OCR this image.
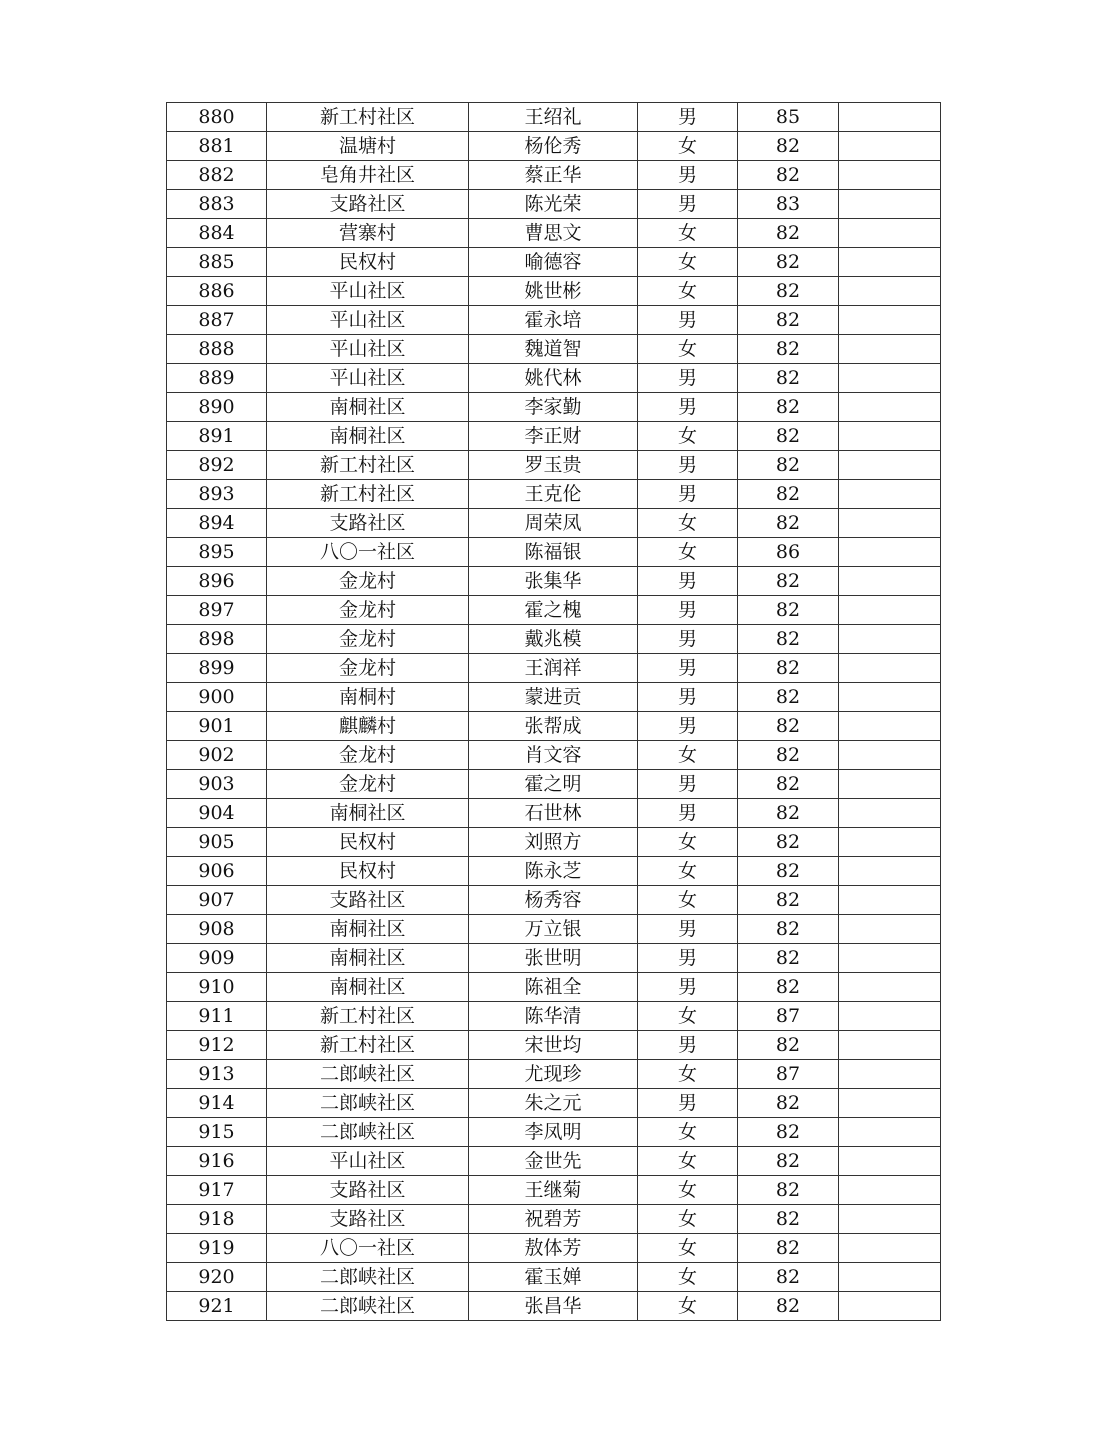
880	新工村社区	王绍礼	男	85	
881	温塘村	杨伦秀	女	82	
882	皂角井社区	蔡正华	男	82	
883	支路社区	陈光荣	男	83	
884	营寨村	曹思文	女	82	
885	民权村	喻德容	女	82	
886	平山社区	姚世彬	女	82	
887	平山社区	霍永培	男	82	
888	平山社区	魏道智	女	82	
889	平山社区	姚代林	男	82	
890	南桐社区	李家勤	男	82	
891	南桐社区	李正财	女	82	
892	新工村社区	罗玉贵	男	82	
893	新工村社区	王克伦	男	82	
894	支路社区	周荣凤	女	82	
895	八〇一社区	陈福银	女	86	
896	金龙村	张集华	男	82	
897	金龙村	霍之槐	男	82	
898	金龙村	戴兆模	男	82	
899	金龙村	王润祥	男	82	
900	南桐村	蒙进贡	男	82	
901	麒麟村	张帮成	男	82	
902	金龙村	肖文容	女	82	
903	金龙村	霍之明	男	82	
904	南桐社区	石世林	男	82	
905	民权村	刘照方	女	82	
906	民权村	陈永芝	女	82	
907	支路社区	杨秀容	女	82	
908	南桐社区	万立银	男	82	
909	南桐社区	张世明	男	82	
910	南桐社区	陈祖全	男	82	
911	新工村社区	陈华清	女	87	
912	新工村社区	宋世均	男	82	
913	二郎峡社区	尤现珍	女	87	
914	二郎峡社区	朱之元	男	82	
915	二郎峡社区	李凤明	女	82	
916	平山社区	金世先	女	82	
917	支路社区	王继菊	女	82	
918	支路社区	祝碧芳	女	82	
919	八〇一社区	敖体芳	女	82	
920	二郎峡社区	霍玉婵	女	82	
921	二郎峡社区	张昌华	女	82	
